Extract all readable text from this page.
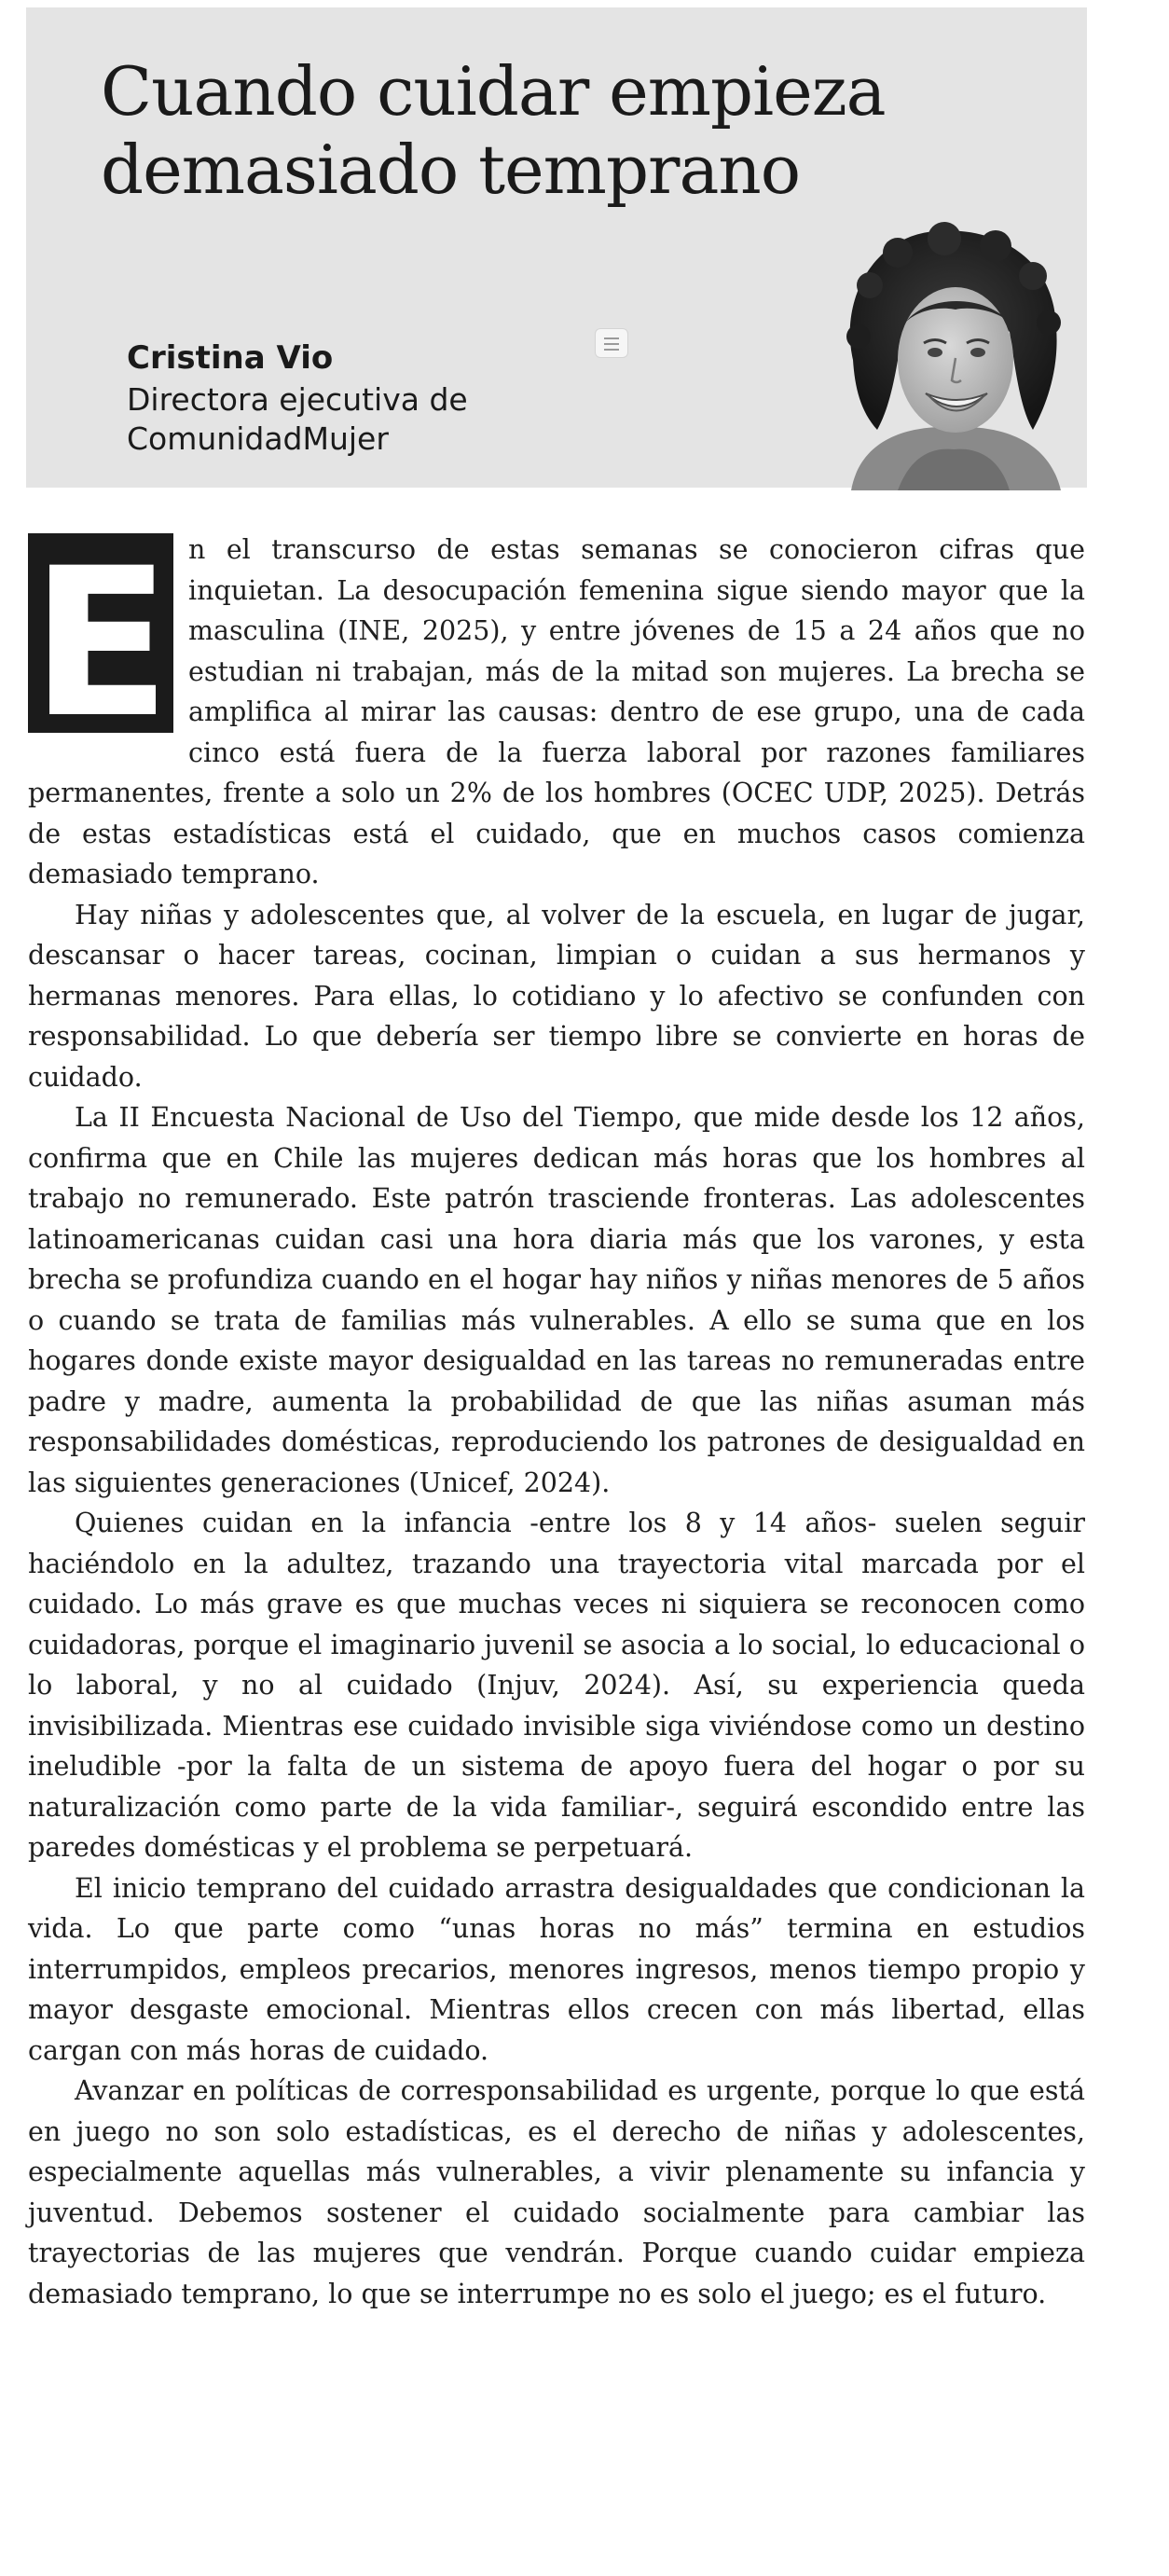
Cuando cuidar empieza demasiado temprano
Cristina Vio
Directora ejecutiva de ComunidadMujer
E n el transcurso de estas semanas se conocieron cifras que inquietan. La desocupación femenina sigue siendo mayor que la masculina (INE, 2025), y entre jóvenes de 15 a 24 años que no estudian ni trabajan, más de la mitad son mujeres. La brecha se amplifica al mirar las causas: dentro de ese grupo, una de cada cinco está fuera de la fuerza laboral por razones familiares permanentes, frente a solo un 2% de los hombres (OCEC UDP, 2025). Detrás de estas estadísticas está el cuidado, que en muchos casos comienza demasiado temprano.

Hay niñas y adolescentes que, al volver de la escuela, en lugar de jugar, descansar o hacer tareas, cocinan, limpian o cuidan a sus hermanos y hermanas menores. Para ellas, lo cotidiano y lo afectivo se confunden con responsabilidad. Lo que debería ser tiempo libre se convierte en horas de cuidado.

La II Encuesta Nacional de Uso del Tiempo, que mide desde los 12 años, confirma que en Chile las mujeres dedican más horas que los hombres al trabajo no remunerado. Este patrón trasciende fronteras. Las adolescentes latinoamericanas cuidan casi una hora diaria más que los varones, y esta brecha se profundiza cuando en el hogar hay niños y niñas menores de 5 años o cuando se trata de familias más vulnerables. A ello se suma que en los hogares donde existe mayor desigualdad en las tareas no remuneradas entre padre y madre, aumenta la probabilidad de que las niñas asuman más responsabilidades domésticas, reproduciendo los patrones de desigualdad en las siguientes generaciones (Unicef, 2024).

Quienes cuidan en la infancia -entre los 8 y 14 años- suelen seguir haciéndolo en la adultez, trazando una trayectoria vital marcada por el cuidado. Lo más grave es que muchas veces ni siquiera se reconocen como cuidadoras, porque el imaginario juvenil se asocia a lo social, lo educacional o lo laboral, y no al cuidado (Injuv, 2024). Así, su experiencia queda invisibilizada. Mientras ese cuidado invisible siga viviéndose como un destino ineludible -por la falta de un sistema de apoyo fuera del hogar o por su naturalización como parte de la vida familiar-, seguirá escondido entre las paredes domésticas y el problema se perpetuará.

El inicio temprano del cuidado arrastra desigualdades que condicionan la vida. Lo que parte como “unas horas no más” termina en estudios interrumpidos, empleos precarios, menores ingresos, menos tiempo propio y mayor desgaste emocional. Mientras ellos crecen con más libertad, ellas cargan con más horas de cuidado.

Avanzar en políticas de corresponsabilidad es urgente, porque lo que está en juego no son solo estadísticas, es el derecho de niñas y adolescentes, especialmente aquellas más vulnerables, a vivir plenamente su infancia y juventud. Debemos sostener el cuidado socialmente para cambiar las trayectorias de las mujeres que vendrán. Porque cuando cuidar empieza demasiado temprano, lo que se interrumpe no es solo el juego; es el futuro.
